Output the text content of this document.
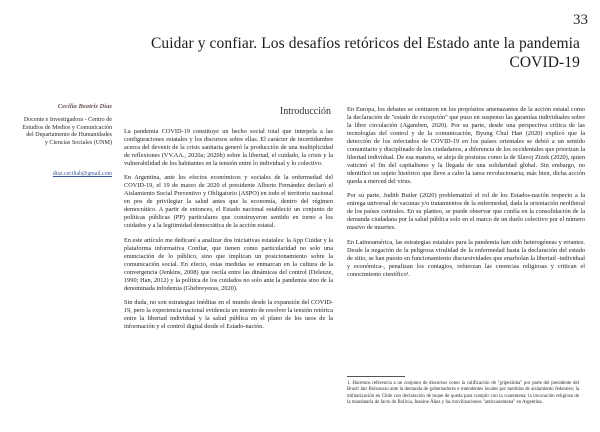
33
Cuidar y confiar. Los desafíos retóricos del Estado ante la pandemia COVID-19
Cecilia Beatriz Díaz
Docente e Investigadora - Centro de Estudios de Medios y Comunicación del Departamento de Humanidades y Ciencias Sociales (UNM)
diaz.ceciliab@gmail.com
Introducción

La pandemia COVID-19 constituye un hecho social total que interpela a las configuraciones estatales y los discursos sobre ellas. El carácter de incertidumbre acerca del devenir de la crisis sanitaria generó la producción de una multiplicidad de reflexiones (VV.AA., 2020a; 2020b) sobre la libertad, el cuidado, la crisis y la vulnerabilidad de los habitantes en la tensión entre lo individual y lo colectivo.

En Argentina, ante los efectos económicos y sociales de la enfermedad del COVID-19, el 19 de marzo de 2020 el presidente Alberto Fernández declaró el Aislamiento Social Preventivo y Obligatorio (ASPO) en todo el territorio nacional en pos de privilegiar la salud antes que la economía, dentro del régimen democrático. A partir de entonces, el Estado nacional estableció un conjunto de políticas públicas (PP) particulares que construyeron sentido en torno a los cuidados y a la legitimidad democrática de la acción estatal.

En este artículo me dedicaré a analizar dos iniciativas estatales: la App Cuidar y la plataforma informativa Confiar, que tienen como particularidad no solo una enunciación de lo público, sino que implican un posicionamiento sobre la comunicación social. En efecto, estas medidas se enmarcan en la cultura de la convergencia (Jenkins, 2008) que oscila entre las dinámicas del control (Deleuze, 1990; Han, 2012) y la política de los cuidados no solo ante la pandemia sino de la denominada infodemia (Ghebreyesus, 2020).

Sin duda, no son estrategias inéditas en el mundo desde la expansión del COVID-19, pero la experiencia nacional evidencia un intento de resolver la tensión retórica entre la libertad individual y la salud pública en el plano de los usos de la información y el control digital desde el Estado-nación.

En Europa, los debates se centraron en los propósitos amenazantes de la acción estatal como la declaración de "estado de excepción" que puso en suspenso las garantías individuales sobre la libre circulación (Agamben, 2020). Por su parte, desde una perspectiva crítica de las tecnologías del control y de la comunicación, Byung Chul Han (2020) explicó que la detección de los infectados de COVID-19 en los países orientales se debió a un sentido comunitario y disciplinado de los ciudadanos, a diferencia de los occidentales que priorizan la libertad individual. De esa manera, se aleja de posturas como la de Slavoj Zizek (2020), quien vaticinó el fin del capitalismo y la llegada de una solidaridad global. Sin embargo, no identificó un sujeto histórico que lleve a cabo la tarea revolucionaria; más bien, dicha acción queda a merced del virus.

Por su parte, Judith Butler (2020) problematizó el rol de los Estados-nación respecto a la entrega universal de vacunas y/o tratamientos de la enfermedad, dada la orientación neoliberal de los países centrales. En su planteo, se puede observar que confía en la consolidación de la demanda ciudadana por la salud pública solo en el marco de un duelo colectivo por el número masivo de muertes.

En Latinoamérica, las estrategias estatales para la pandemia han sido heterogéneas y errantes. Desde la negación de la peligrosa virulidad de la enfermedad hasta la declaración del estado de sitio, se han puesto en funcionamiento discursividades que enarbolan la libertad -individual y económica-, penalizan los contagios, refuerzan las creencias religiosas y critican el conocimiento científico¹.

1. Hacemos referencia a un conjunto de discursos como la calificación de "gripezinha" por parte del presidente del Brasil Jair Bolsonaro ante la demanda de gobernadores e intendentes locales por medidas de aislamiento federales; la militarización en Chile con declaración de toque de queda para cumplir con la cuarentena; la invocación religiosa de la mandataria de facto de Bolivia, Jeanine Áñez y las movilizaciones "anticuarentena" en Argentina.
